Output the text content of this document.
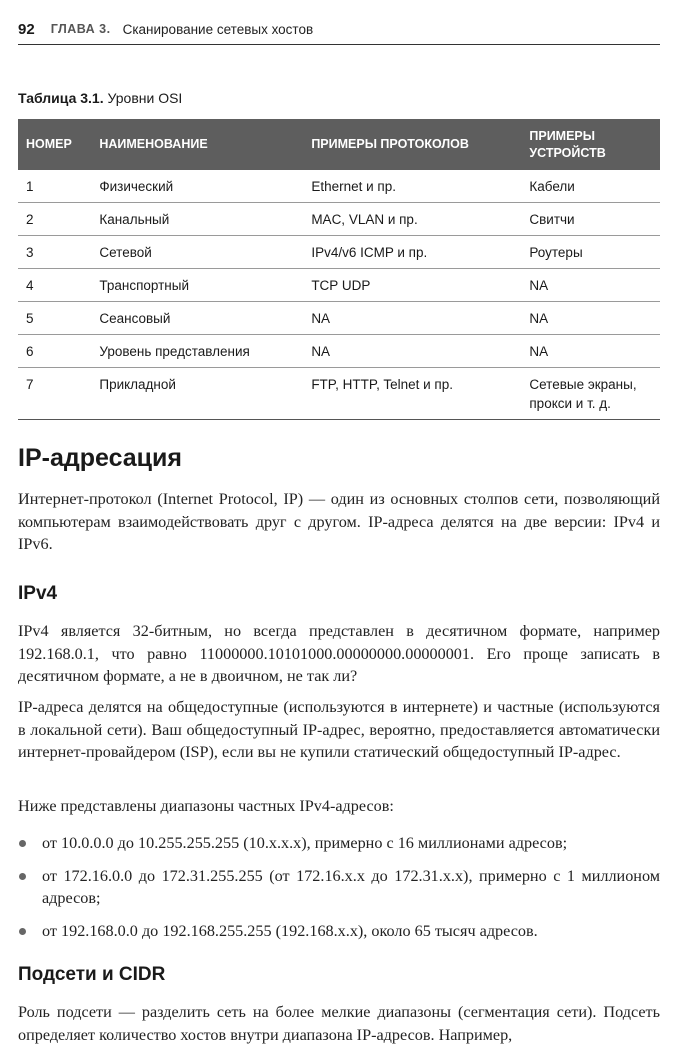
92 ГЛАВА 3. Сканирование сетевых хостов
Таблица 3.1. Уровни OSI
НОМЕР	НАИМЕНОВАНИЕ	ПРИМЕРЫ ПРОТОКОЛОВ	ПРИМЕРЫ УСТРОЙСТВ
1	Физический	Ethernet и пр.	Кабели
2	Канальный	MAC, VLAN и пр.	Свитчи
3	Сетевой	IPv4/v6 ICMP и пр.	Роутеры
4	Транспортный	TCP UDP	NA
5	Сеансовый	NA	NA
6	Уровень представления	NA	NA
7	Прикладной	FTP, HTTP, Telnet и пр.	Сетевые экраны, прокси и т. д.
IP-адресация

Интернет-протокол (Internet Protocol, IP) — один из основных столпов сети, позволяющий компьютерам взаимодействовать друг с другом. IP-адреса делятся на две версии: IPv4 и IPv6.

IPv4

IPv4 является 32-битным, но всегда представлен в десятичном формате, например 192.168.0.1, что равно 11000000.10101000.00000000.00000001. Его проще записать в десятичном формате, а не в двоичном, не так ли?

IP-адреса делятся на общедоступные (используются в интернете) и частные (используются в локальной сети). Ваш общедоступный IP-адрес, вероятно, предоставляется автоматически интернет-провайдером (ISP), если вы не купили статический общедоступный IP-адрес.

Ниже представлены диапазоны частных IPv4-адресов:

от 10.0.0.0 до 10.255.255.255 (10.x.x.x), примерно с 16 миллионами адресов;
от 172.16.0.0 до 172.31.255.255 (от 172.16.x.x до 172.31.x.x), примерно с 1 миллионом адресов;
от 192.168.0.0 до 192.168.255.255 (192.168.x.x), около 65 тысяч адресов.
Подсети и CIDR

Роль подсети — разделить сеть на более мелкие диапазоны (сегментация сети). Подсеть определяет количество хостов внутри диапазона IP-адресов. Например,
